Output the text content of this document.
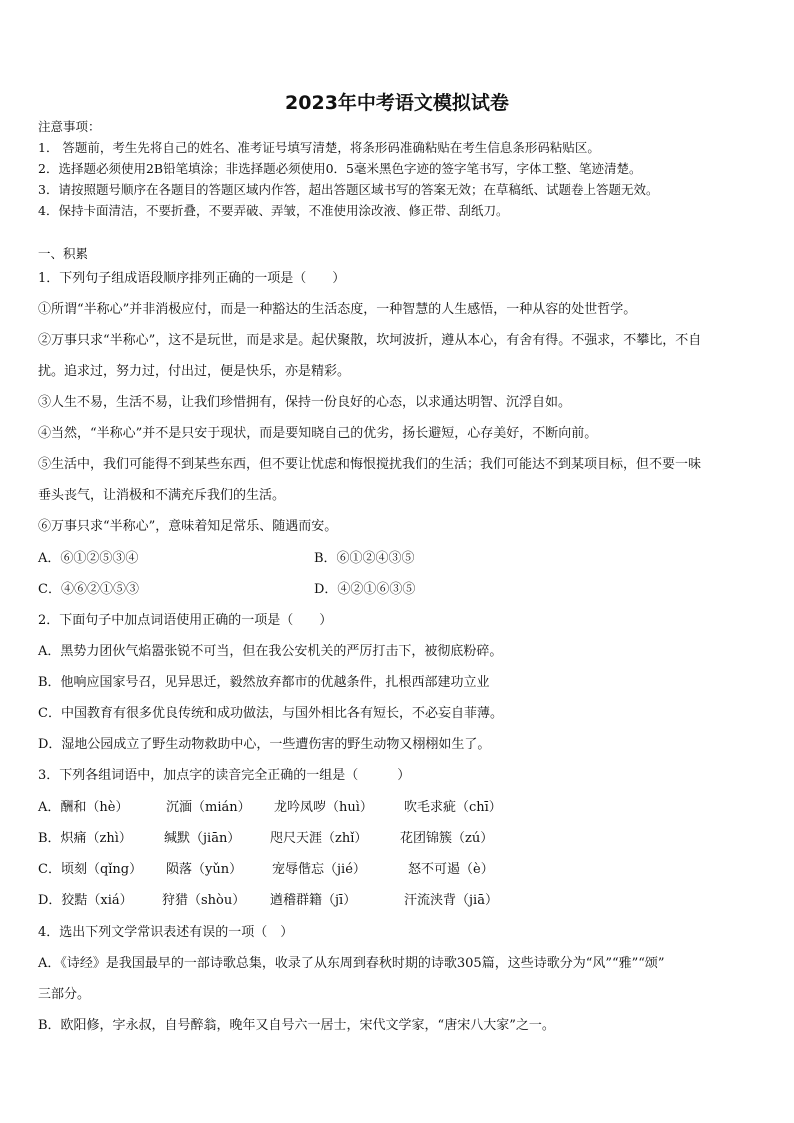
2023年中考语文模拟试卷
注意事项：
1． 答题前，考生先将自己的姓名、准考证号填写清楚，将条形码准确粘贴在考生信息条形码粘贴区。
2．选择题必须使用2B铅笔填涂；非选择题必须使用0．5毫米黑色字迹的签字笔书写，字体工整、笔迹清楚。
3．请按照题号顺序在各题目的答题区域内作答，超出答题区域书写的答案无效；在草稿纸、试题卷上答题无效。
4．保持卡面清洁，不要折叠，不要弄破、弄皱，不准使用涂改液、修正带、刮纸刀。
一、积累
1．下列句子组成语段顺序排列正确的一项是（　　）
①所谓“半称心”并非消极应付，而是一种豁达的生活态度，一种智慧的人生感悟，一种从容的处世哲学。
②万事只求“半称心”，这不是玩世，而是求是。起伏聚散，坎坷波折，遵从本心，有舍有得。不强求，不攀比，不自
扰。追求过，努力过，付出过，便是快乐，亦是精彩。
③人生不易，生活不易，让我们珍惜拥有，保持一份良好的心态，以求通达明智、沉浮自如。
④当然，“半称心”并不是只安于现状，而是要知晓自己的优劣，扬长避短，心存美好，不断向前。
⑤生活中，我们可能得不到某些东西，但不要让忧虑和悔恨搅扰我们的生活；我们可能达不到某项目标，但不要一味
垂头丧气，让消极和不满充斥我们的生活。
⑥万事只求“半称心”，意味着知足常乐、随遇而安。
A．⑥①②⑤③④	B．⑥①②④③⑤
C．④⑥②①⑤③	D．④②①⑥③⑤
2．下面句子中加点词语使用正确的一项是（　　）
A．黑势力团伙气焰嚣张锐不可当，但在我公安机关的严厉打击下，被彻底粉碎。
B．他响应国家号召，见异思迁，毅然放弃都市的优越条件，扎根西部建功立业
C．中国教育有很多优良传统和成功做法，与国外相比各有短长，不必妄自菲薄。
D．湿地公园成立了野生动物救助中心，一些遭伤害的野生动物又栩栩如生了。
3．下列各组词语中，加点字的读音完全正确的一组是（　　　）
A．酬和（hè）	沉湎（mián） 龙吟凤哕（huì） 吹毛求疵（chī）
B．炽痛（zhì） 缄默（jiān） 咫尺天涯（zhǐ）	花团锦簇（zú）
C．顷刻（qǐng） 陨落（yǔn） 宠辱偕忘（jié）	怒不可遏（è）
D．狡黠（xiá） 狩猎（shòu） 遒稽群籍（jī）	汗流浃背（jiā）
4．选出下列文学常识表述有误的一项（　）
A．《诗经》是我国最早的一部诗歌总集，收录了从东周到春秋时期的诗歌305篇，这些诗歌分为“风”“雅”“颂”
三部分。
B．欧阳修，字永叔，自号醉翁，晚年又自号六一居士，宋代文学家，“唐宋八大家”之一。
